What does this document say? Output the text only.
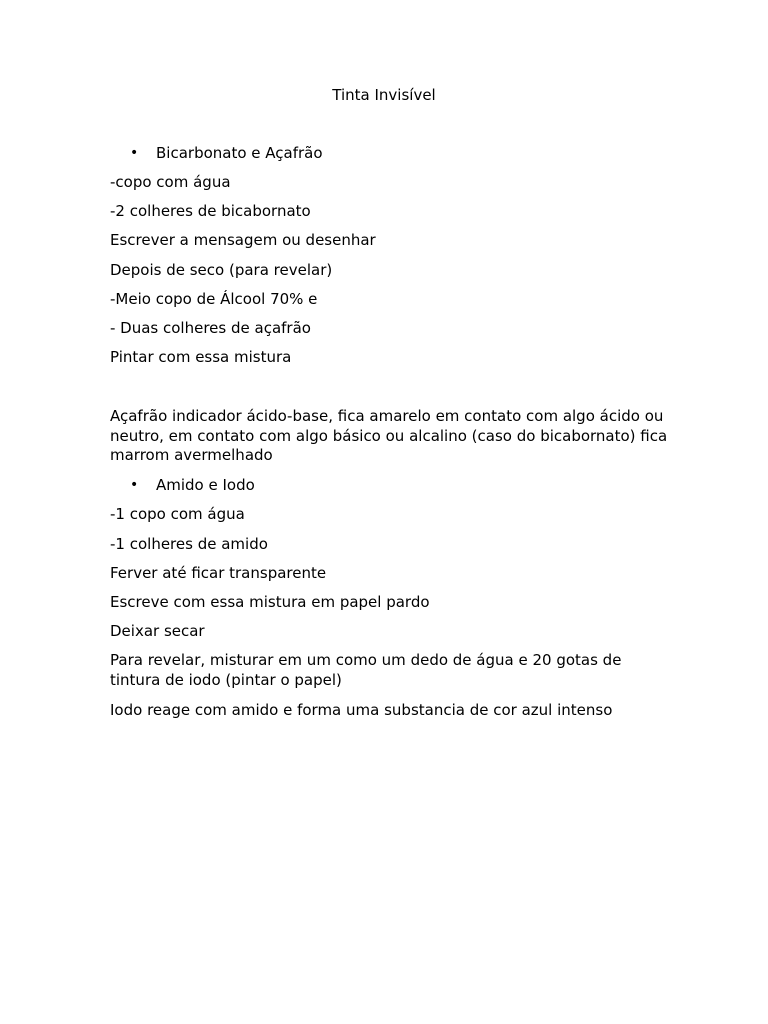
Tinta Invisível
• Bicarbonato e Açafrão
-copo com água
-2 colheres de bicabornato
Escrever a mensagem ou desenhar
Depois de seco (para revelar)
-Meio copo de Álcool 70% e
- Duas colheres de açafrão
Pintar com essa mistura
Açafrão indicador ácido-base, fica amarelo em contato com algo ácido ou neutro, em contato com algo básico ou alcalino (caso do bicabornato) fica marrom avermelhado
• Amido e Iodo
-1 copo com água
-1 colheres de amido
Ferver até ficar transparente
Escreve com essa mistura em papel pardo
Deixar secar
Para revelar, misturar em um como um dedo de água e 20 gotas de tintura de iodo (pintar o papel)
Iodo reage com amido e forma uma substancia de cor azul intenso
